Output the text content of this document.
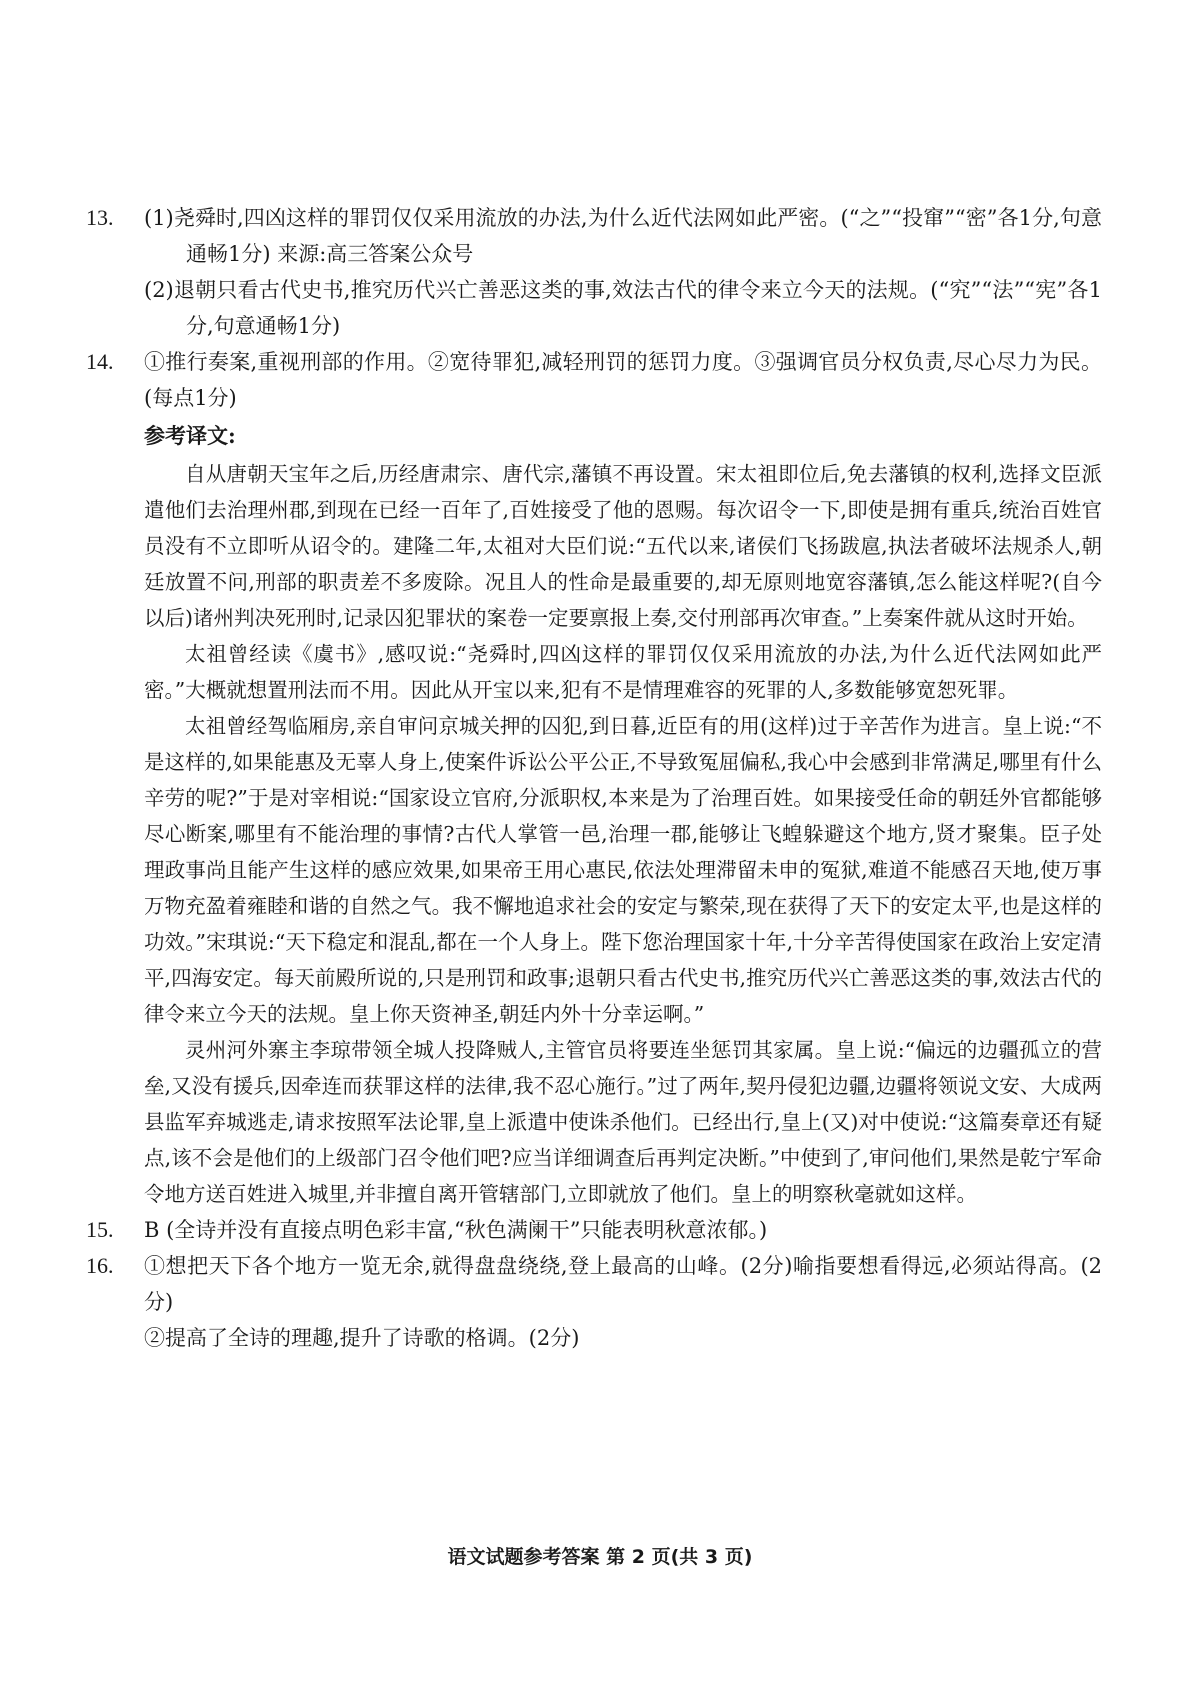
13. (1)尧舜时,四凶这样的罪罚仅仅采用流放的办法,为什么近代法网如此严密。(“之”“投窜”“密”各1分,句意通畅1分) 来源:高三答案公众号
(2)退朝只看古代史书,推究历代兴亡善恶这类的事,效法古代的律令来立今天的法规。(“究”“法”“宪”各1分,句意通畅1分)
14. ①推行奏案,重视刑部的作用。②宽待罪犯,减轻刑罚的惩罚力度。③强调官员分权负责,尽心尽力为民。(每点1分)
参考译文:

自从唐朝天宝年之后,历经唐肃宗、唐代宗,藩镇不再设置。宋太祖即位后,免去藩镇的权利,选择文臣派遣他们去治理州郡,到现在已经一百年了,百姓接受了他的恩赐。每次诏令一下,即使是拥有重兵,统治百姓官员没有不立即听从诏令的。建隆二年,太祖对大臣们说:“五代以来,诸侯们飞扬跋扈,执法者破坏法规杀人,朝廷放置不问,刑部的职责差不多废除。况且人的性命是最重要的,却无原则地宽容藩镇,怎么能这样呢?(自今以后)诸州判决死刑时,记录囚犯罪状的案卷一定要禀报上奏,交付刑部再次审查。”上奏案件就从这时开始。

太祖曾经读《虞书》,感叹说:“尧舜时,四凶这样的罪罚仅仅采用流放的办法,为什么近代法网如此严密。”大概就想置刑法而不用。因此从开宝以来,犯有不是情理难容的死罪的人,多数能够宽恕死罪。

太祖曾经驾临厢房,亲自审问京城关押的囚犯,到日暮,近臣有的用(这样)过于辛苦作为进言。皇上说:“不是这样的,如果能惠及无辜人身上,使案件诉讼公平公正,不导致冤屈偏私,我心中会感到非常满足,哪里有什么辛劳的呢?”于是对宰相说:“国家设立官府,分派职权,本来是为了治理百姓。如果接受任命的朝廷外官都能够尽心断案,哪里有不能治理的事情?古代人掌管一邑,治理一郡,能够让飞蝗躲避这个地方,贤才聚集。臣子处理政事尚且能产生这样的感应效果,如果帝王用心惠民,依法处理滞留未申的冤狱,难道不能感召天地,使万事万物充盈着雍睦和谐的自然之气。我不懈地追求社会的安定与繁荣,现在获得了天下的安定太平,也是这样的功效。”宋琪说:“天下稳定和混乱,都在一个人身上。陛下您治理国家十年,十分辛苦得使国家在政治上安定清平,四海安定。每天前殿所说的,只是刑罚和政事;退朝只看古代史书,推究历代兴亡善恶这类的事,效法古代的律令来立今天的法规。皇上你天资神圣,朝廷内外十分幸运啊。”

灵州河外寨主李琼带领全城人投降贼人,主管官员将要连坐惩罚其家属。皇上说:“偏远的边疆孤立的营垒,又没有援兵,因牵连而获罪这样的法律,我不忍心施行。”过了两年,契丹侵犯边疆,边疆将领说文安、大成两县监军弃城逃走,请求按照军法论罪,皇上派遣中使诛杀他们。已经出行,皇上(又)对中使说:“这篇奏章还有疑点,该不会是他们的上级部门召令他们吧?应当详细调查后再判定决断。”中使到了,审问他们,果然是乾宁军命令地方送百姓进入城里,并非擅自离开管辖部门,立即就放了他们。皇上的明察秋毫就如这样。

15. B (全诗并没有直接点明色彩丰富,“秋色满阑干”只能表明秋意浓郁。)
16. ①想把天下各个地方一览无余,就得盘盘绕绕,登上最高的山峰。(2分)喻指要想看得远,必须站得高。(2分)
②提高了全诗的理趣,提升了诗歌的格调。(2分)
语文试题参考答案 第 2 页(共 3 页)
